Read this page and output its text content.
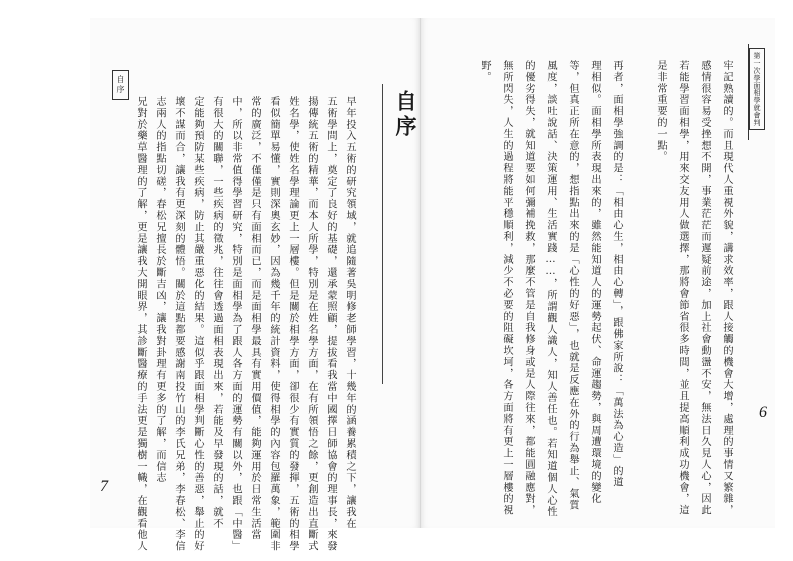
第一次學面相學就會判
牢記熟讀的。而且現代人重視外貌，講求效率，跟人接觸的機會大增，處理的事情又繁雜，
感情很容易受挫想不開，事業茫茫而遲疑前途，加上社會動盪不安，無法日久見人心，因此
若能學習面相學，用來交友用人做選擇，那將會節省很多時間，並且提高順利成功機會，這
是非常重要的一點。
再者，面相學強調的是：「相由心生，相由心轉」，跟佛家所說：「萬法為心造」的道
理相似。面相學所表現出來的，雖然能知道人的運勢起伏、命運趨勢，與周遭環境的變化
等，但真正所在意的，想指點出來的是「心性的好惡」，也就是反應在外的行為舉止、氣質
風度，談吐說話、決策運用、生活實踐……，所謂觀人識人，知人善任也。若知道個人心性
的優劣得失，就知道要如何彌補挽救，那麼不管是自我修身或是人際往來，都能圓融應對，
無所閃失，人生的過程將能平穩順利，減少不必要的阻礙坎坷，各方面將有更上一層樓的視
野。
6
自序
自序
早年投入五術的研究領域，就追隨著吳明修老師學習，十幾年的涵養累積之下，讓我在
五術學問上，奠定了良好的基礎，還承蒙照顧，提拔看我當中國擇日師協會的理事長，來發
揚傳統五術的精華，而本人所學，特別是在姓名學方面，在有所領悟之餘，更創造出直斷式
姓名學，使姓名學理論更上一層樓。但是關於相學方面，卻很少有實質的發揮，五術的相學
看似簡單易懂，實則深奧玄妙，因為幾千年的統計資料，使得相學的內容包羅萬象，範圍非
常的廣泛，不僅僅是只有面相而已，而是面相學最具有實用價值，能夠運用於日常生活當
中，所以非常值得學習研究，特別是面相學為了跟人各方面的運勢有關以外，也跟「中醫」
有很大的關聯，一些疾病的徵兆，往往會透過面相表現出來，若能及早發現的話，就不
定能夠預防某些疾病，防止其嚴重惡化的結果。這似乎跟面相學判斷心性的善惡，舉止的好
壞不謀而合，讓我有更深刻的體悟。關於這點都要感謝南投竹山的李氏兄弟，李春松、李信
志兩人的指點切磋，春松兄擅長於斷吉凶，讓我對卦理有更多的了解，而信志
兄對於藥草醫理的了解，更是讓我大開眼界，其診斷醫療的手法更是獨樹一幟，在觀看他人
7
